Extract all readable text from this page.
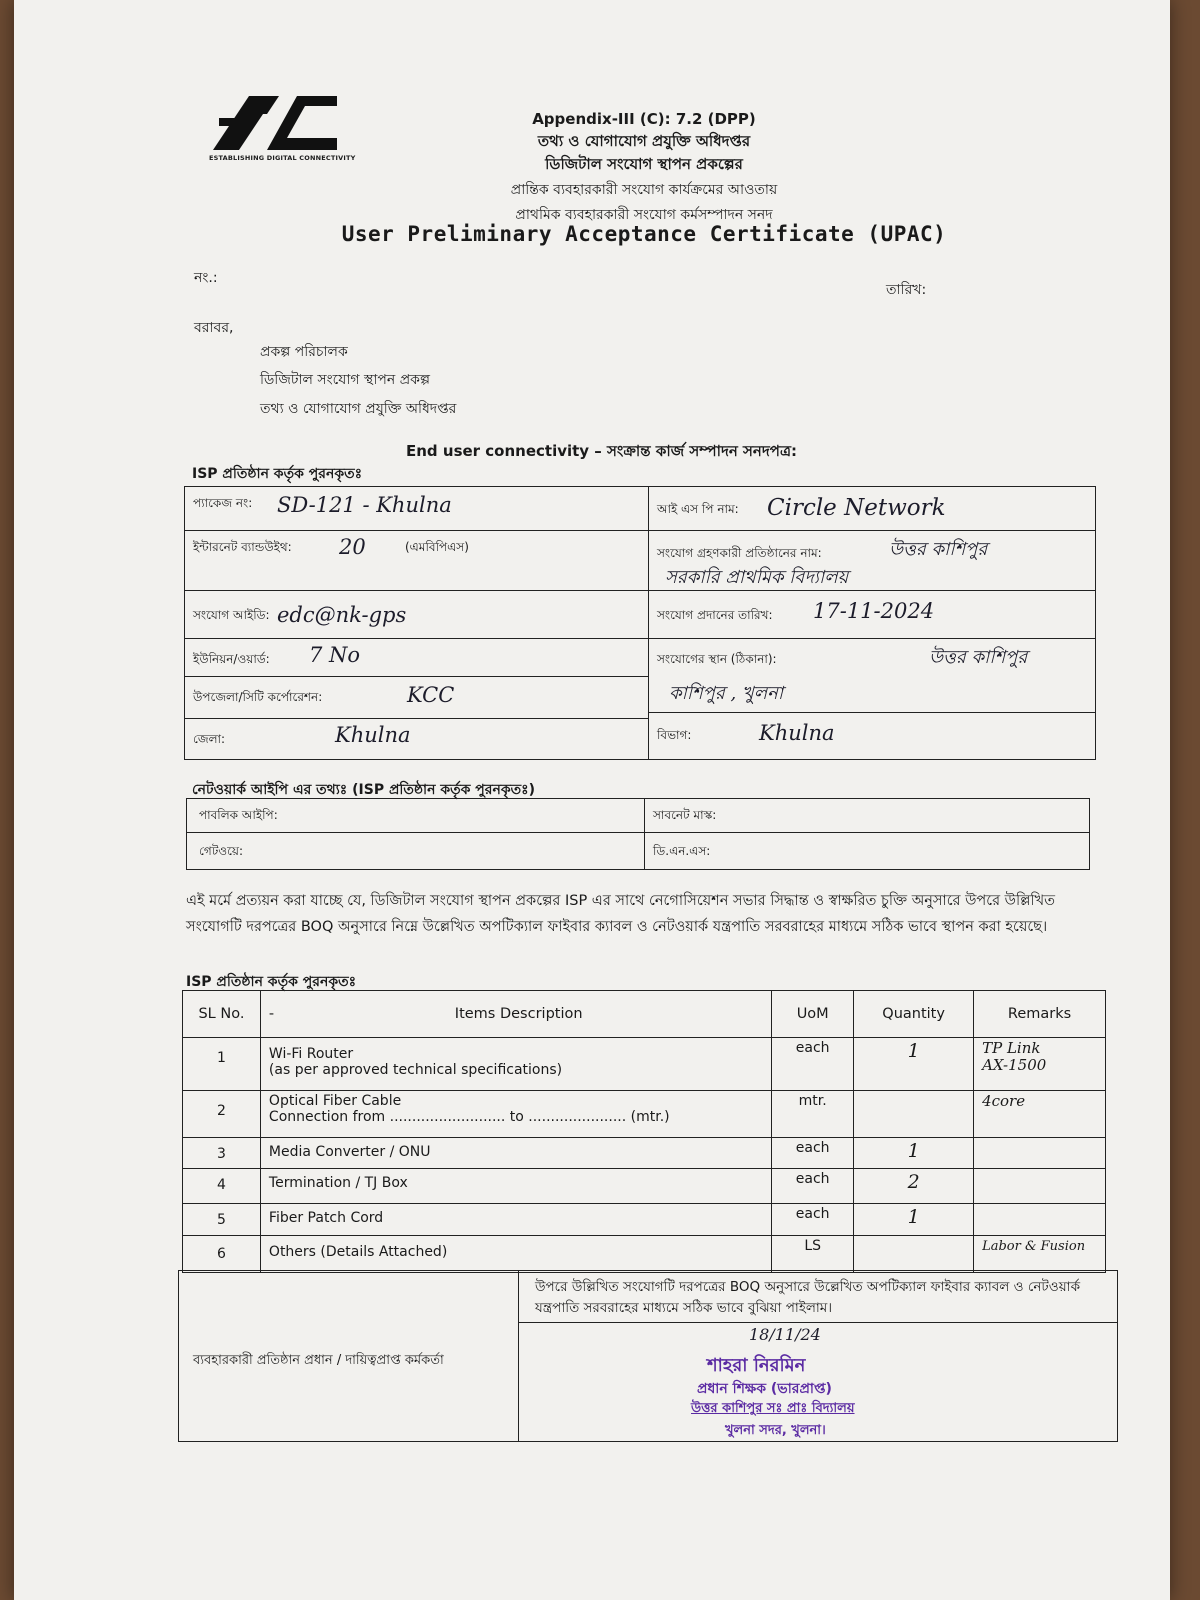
ESTABLISHING DIGITAL CONNECTIVITY
Appendix-III (C): 7.2 (DPP)
তথ্য ও যোগাযোগ প্রযুক্তি অধিদপ্তর
ডিজিটাল সংযোগ স্থাপন প্রকল্পের
প্রান্তিক ব্যবহারকারী সংযোগ কার্যক্রমের আওতায়
প্রাথমিক ব্যবহারকারী সংযোগ কর্মসম্পাদন সনদ
User Preliminary Acceptance Certificate (UPAC)
নং.:
তারিখ:
বরাবর,
প্রকল্প পরিচালক
ডিজিটাল সংযোগ স্থাপন প্রকল্প
তথ্য ও যোগাযোগ প্রযুক্তি অধিদপ্তর
End user connectivity – সংক্রান্ত কার্জ সম্পাদন সনদপত্র:
ISP প্রতিষ্ঠান কর্তৃক পুরনকৃতঃ
প্যাকেজ নং: SD-121 - Khulna	আই এস পি নাম: Circle Network
ইন্টারনেট ব্যান্ডউইথ: 20	(এমবিপিএস)	সংযোগ গ্রহণকারী প্রতিষ্ঠানের নাম:	উত্তর কাশিপুর
সরকারি প্রাথমিক বিদ্যালয়
সংযোগ আইডি: edc@nk-gps	সংযোগ প্রদানের তারিখ: 17-11-2024
ইউনিয়ন/ওয়ার্ড: 7 No	সংযোগের স্থান (ঠিকানা):	উত্তর কাশিপুর
কাশিপুর , খুলনা
উপজেলা/সিটি কর্পোরেশন:	KCC
জেলা:	Khulna	বিভাগ:	Khulna
নেটওয়ার্ক আইপি এর তথ্যঃ (ISP প্রতিষ্ঠান কর্তৃক পুরনকৃতঃ)
পাবলিক আইপি:	সাবনেট মাস্ক:
গেটওয়ে:	ডি.এন.এস:
এই মর্মে প্রত্যয়ন করা যাচ্ছে যে, ডিজিটাল সংযোগ স্থাপন প্রকল্পের ISP এর সাথে নেগোসিয়েশন সভার সিদ্ধান্ত ও স্বাক্ষরিত চুক্তি অনুসারে উপরে উল্লিখিত সংযোগটি দরপত্রের BOQ অনুসারে নিম্নে উল্লেখিত অপটিক্যাল ফাইবার ক্যাবল ও নেটওয়ার্ক যন্ত্রপাতি সরবরাহের মাধ্যমে সঠিক ভাবে স্থাপন করা হয়েছে।
ISP প্রতিষ্ঠান কর্তৃক পুরনকৃতঃ
SL No.	- Items Description	UoM	Quantity	Remarks
1	Wi-Fi Router
(as per approved technical specifications)	each	1	TP Link
AX-1500

2	Optical Fiber Cable
Connection from .......................... to ...................... (mtr.)	mtr.		4core

3	Media Converter / ONU	each	1	
4	Termination / TJ Box	each	2	
5	Fiber Patch Cord	each	1	
6	Others (Details Attached)	LS		Labor & Fusion
ব্যবহারকারী প্রতিষ্ঠান প্রধান / দায়িত্বপ্রাপ্ত কর্মকর্তা
উপরে উল্লিখিত সংযোগটি দরপত্রের BOQ অনুসারে উল্লেখিত অপটিক্যাল ফাইবার ক্যাবল ও নেটওয়ার্ক যন্ত্রপাতি সরবরাহের মাধ্যমে সঠিক ভাবে বুঝিয়া পাইলাম।
18/11/24
শাহরা নিরমিন
প্রধান শিক্ষক (ভারপ্রাপ্ত)
উত্তর কাশিপুর সঃ প্রাঃ বিদ্যালয়
খুলনা সদর, খুলনা।
